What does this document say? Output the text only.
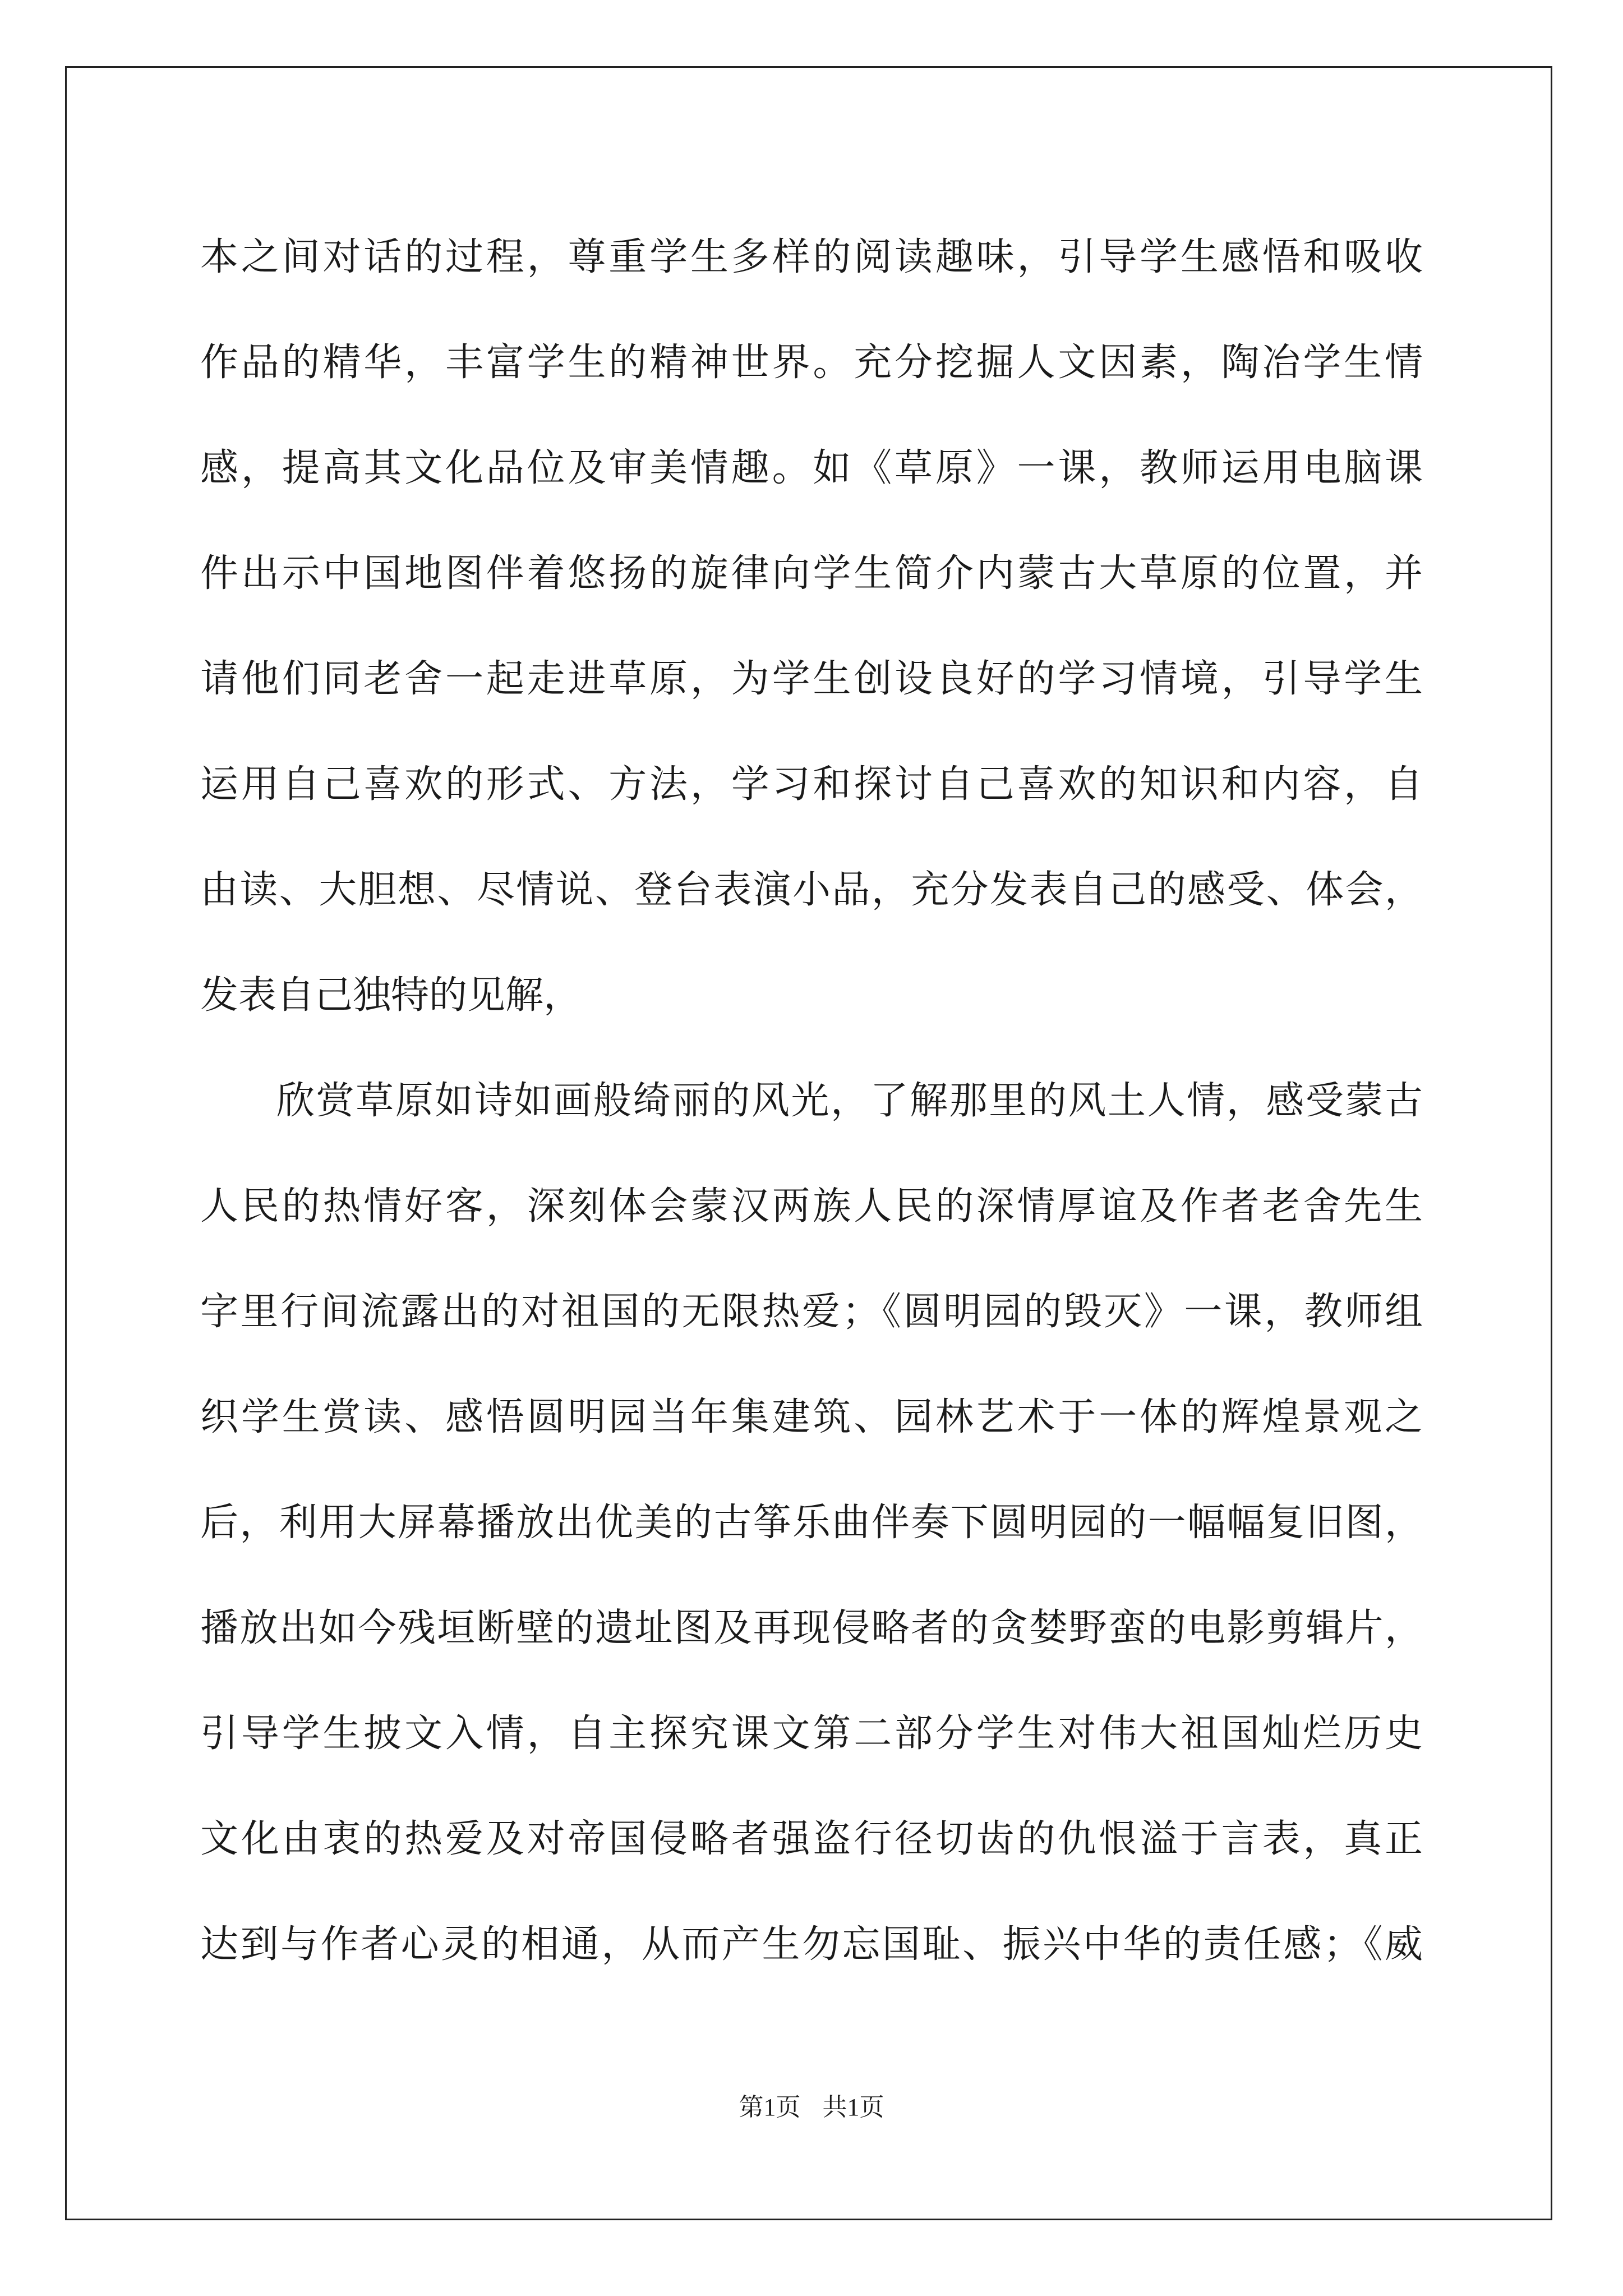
本之间对话的过程，尊重学生多样的阅读趣味，引导学生感悟和吸收
作品的精华，丰富学生的精神世界。充分挖掘人文因素，陶冶学生情
感，提高其文化品位及审美情趣。如《草原》一课，教师运用电脑课
件出示中国地图伴着悠扬的旋律向学生简介内蒙古大草原的位置，并
请他们同老舍一起走进草原，为学生创设良好的学习情境，引导学生
运用自己喜欢的形式、方法，学习和探讨自己喜欢的知识和内容，自
由读、大胆想、尽情说、登台表演小品，充分发表自己的感受、体会，
发表自己独特的见解，
欣赏草原如诗如画般绮丽的风光，了解那里的风土人情，感受蒙古
人民的热情好客，深刻体会蒙汉两族人民的深情厚谊及作者老舍先生
字里行间流露出的对祖国的无限热爱；《圆明园的毁灭》一课，教师组
织学生赏读、感悟圆明园当年集建筑、园林艺术于一体的辉煌景观之
后，利用大屏幕播放出优美的古筝乐曲伴奏下圆明园的一幅幅复旧图，
播放出如今残垣断壁的遗址图及再现侵略者的贪婪野蛮的电影剪辑片，
引导学生披文入情，自主探究课文第二部分学生对伟大祖国灿烂历史
文化由衷的热爱及对帝国侵略者强盗行径切齿的仇恨溢于言表，真正
达到与作者心灵的相通，从而产生勿忘国耻、振兴中华的责任感；《威
第1页 共1页
